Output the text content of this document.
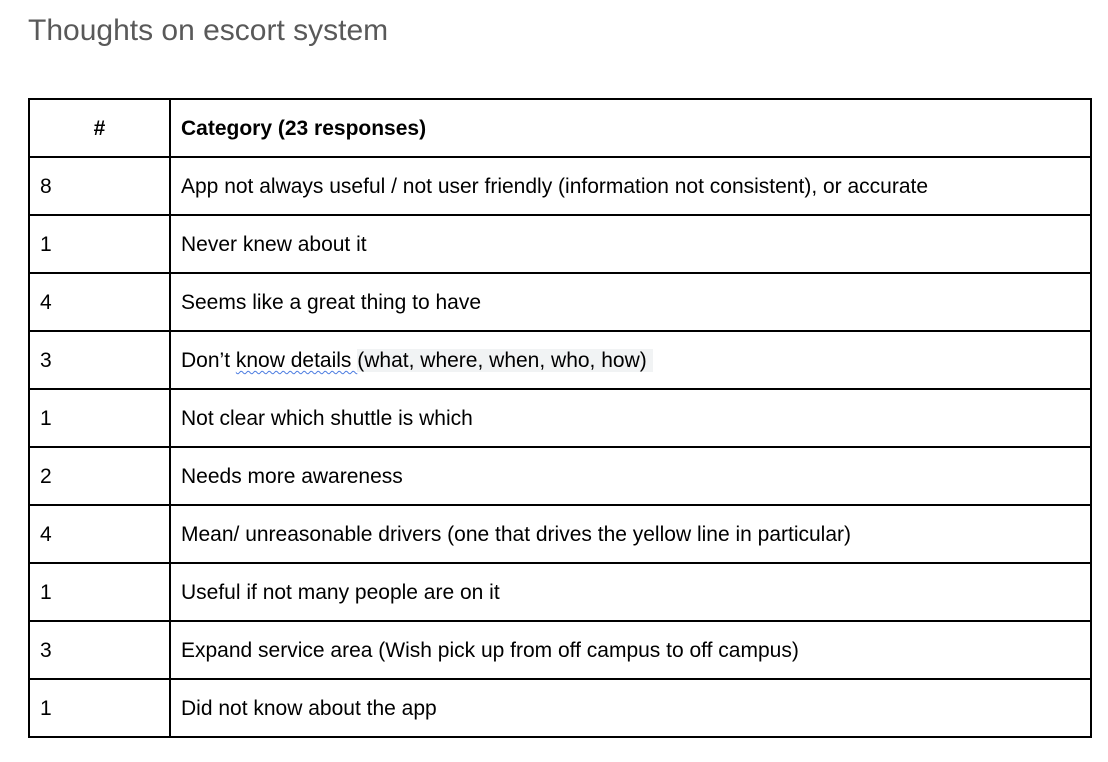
Thoughts on escort system
#	Category (23 responses)
8	App not always useful / not user friendly (information not consistent), or accurate
1	Never knew about it
4	Seems like a great thing to have
3	Don’t know details (what, where, when, who, how)
1	Not clear which shuttle is which
2	Needs more awareness
4	Mean/ unreasonable drivers (one that drives the yellow line in particular)
1	Useful if not many people are on it
3	Expand service area (Wish pick up from off campus to off campus)
1	Did not know about the app
